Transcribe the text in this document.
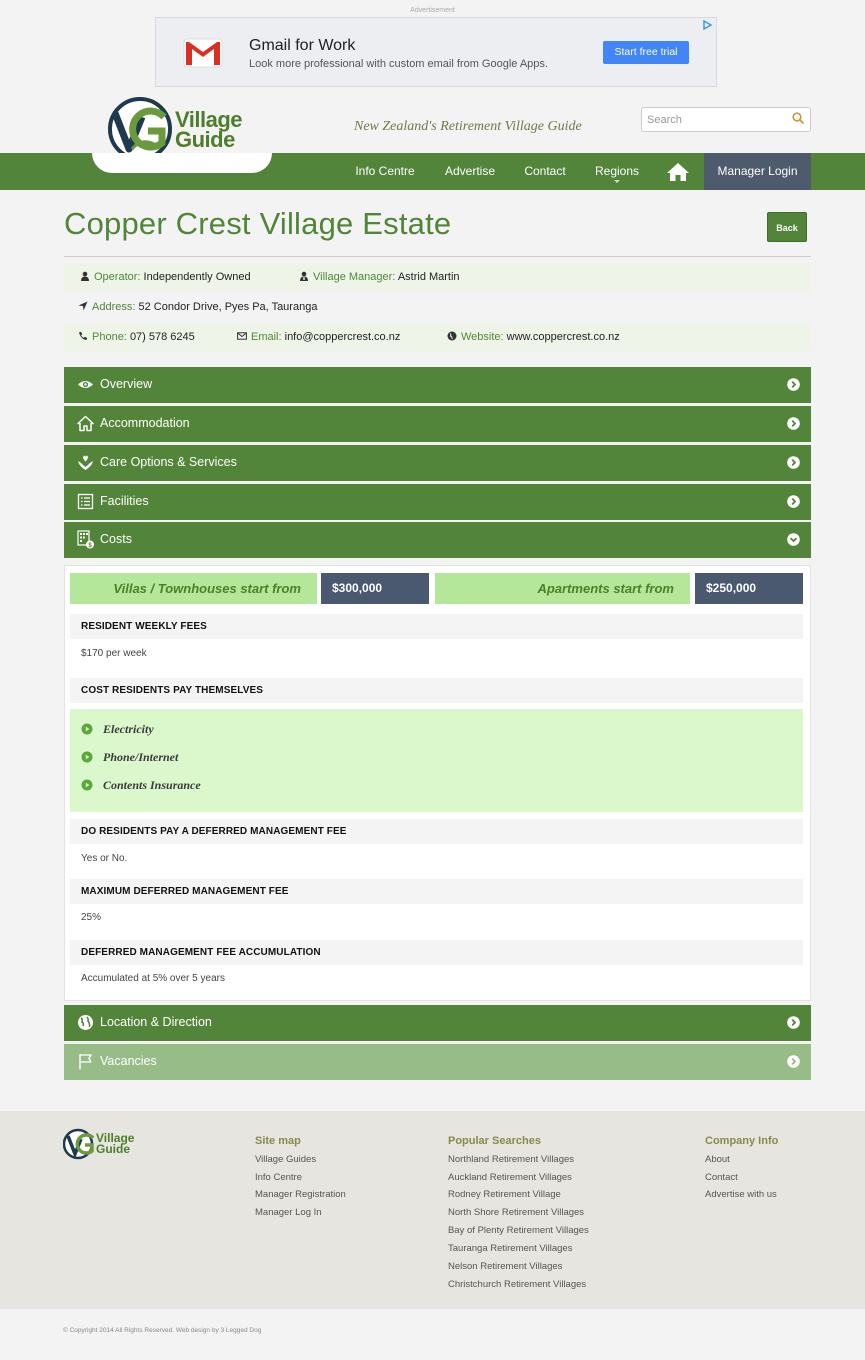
Advertisement
Gmail for Work
Look more professional with custom email from Google Apps.
Start free trial
Village
Guide
New Zealand's Retirement Village Guide
Search
Info Centre	Advertise	Contact	Regions	Manager Login
Copper Crest Village Estate	Back
Operator: Independently Owned	Village Manager: Astrid Martin
Address: 52 Condor Drive, Pyes Pa, Tauranga
Phone: 07) 578 6245	Email: info@coppercrest.co.nz	Website: www.coppercrest.co.nz
Overview
Accommodation
Care Options & Services
Facilities
$ Costs
Villas / Townhouses start from	$300,000	Apartments start from	$250,000
RESIDENT WEEKLY FEES
$170 per week
COST RESIDENTS PAY THEMSELVES
Electricity
Phone/Internet
Contents Insurance
DO RESIDENTS PAY A DEFERRED MANAGEMENT FEE
Yes or No.
MAXIMUM DEFERRED MANAGEMENT FEE
25%
DEFERRED MANAGEMENT FEE ACCUMULATION
Accumulated at 5% over 5 years
Location & Direction
Vacancies
Village
Guide
Site map
Village Guides
Info Centre
Manager Registration
Manager Log In
Popular Searches
Northland Retirement Villages
Auckland Retirement Villages
Rodney Retirement Village
North Shore Retirement Villages
Bay of Plenty Retirement Villages
Tauranga Retirement Villages
Nelson Retirement Villages
Christchurch Retirement Villages
Company Info
About
Contact
Advertise with us
© Copyright 2014 All Rights Reserved. Web design by 3 Legged Dog
